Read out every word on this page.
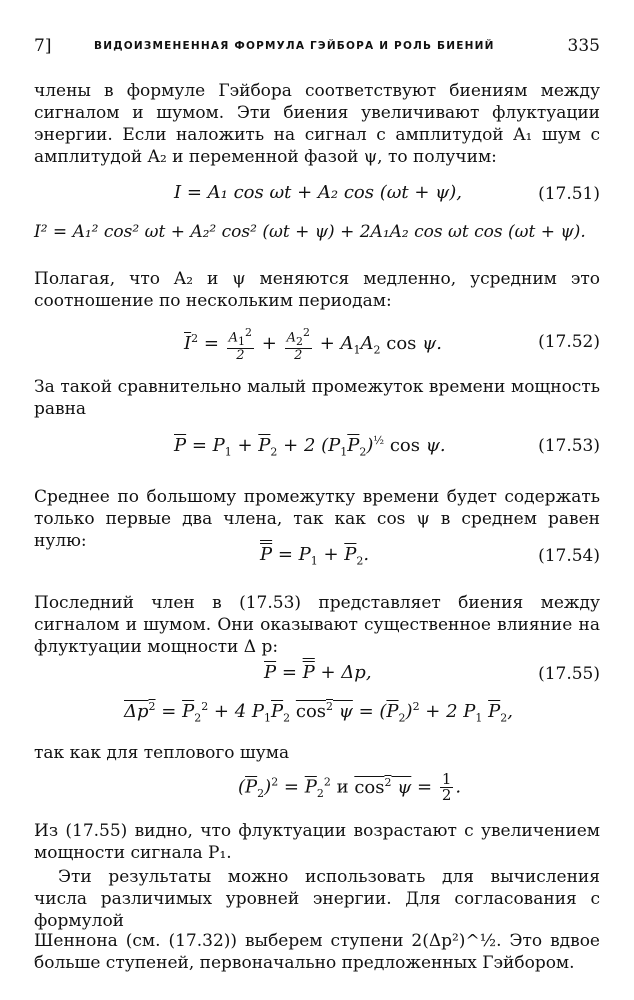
7]	ВИДОИЗМЕНЕННАЯ ФОРМУЛА ГЭЙБОРА И РОЛЬ БИЕНИЙ	335

члены в формуле Гэйбора соответствуют биениям между сигналом и шумом. Эти биения увеличивают флуктуации энергии. Если наложить на сигнал с амплитудой A₁ шум с амплитудой A₂ и переменной фазой ψ, то получим:

I = A₁ cos ωt + A₂ cos (ωt + ψ),	(17.51)
I² = A₁² cos² ωt + A₂² cos² (ωt + ψ) + 2A₁A₂ cos ωt cos (ωt + ψ).

Полагая, что A₂ и ψ меняются медленно, усредним это соотношение по нескольким периодам:

$\overline{I}^2 = \frac{A_1^2}{2} + \frac{A_2^2}{2} + A_1A_2$ cos ψ.	(17.52)

За такой сравнительно малый промежуток времени мощность равна

$\overline{P} = P_1 + \overline{P}_2 + 2$ $(P_1\overline{P}_2)^{\frac{1}{2}}$ cos ψ.	(17.53)

Среднее по большому промежутку времени будет содержать только первые два члена, так как cos ψ в среднем равен нулю:

$P = P_1 + \overline{P}_2$.	(17.54)

Последний член в (17.53) представляет биения между сигналом и шумом. Они оказывают существенное влияние на флуктуации мощности Δ p:

$\overline{P} = P + \Delta p$,	(17.55)
$\Delta p^2 = \overline{P}_2^2 + 4$ $P_1\overline{P}_2$ $\cos^2 \psi = (\overline{P}_2)^2 + 2$ $P_1$ $\overline{P}_2$,

так как для теплового шума

$(\overline{P}_2)^2 = \overline{P}_2^2$ и $\cos^2 \psi = \frac{1}{2}$ .

Из (17.55) видно, что флуктуации возрастают с увеличением мощности сигнала P₁.

Эти результаты можно использовать для вычисления числа различимых уровней энергии. Для согласования с формулой

Шеннона (см. (17.32)) выберем ступени 2(Δp²)^½. Это вдвое больше ступеней, первоначально предложенных Гэйбором.
